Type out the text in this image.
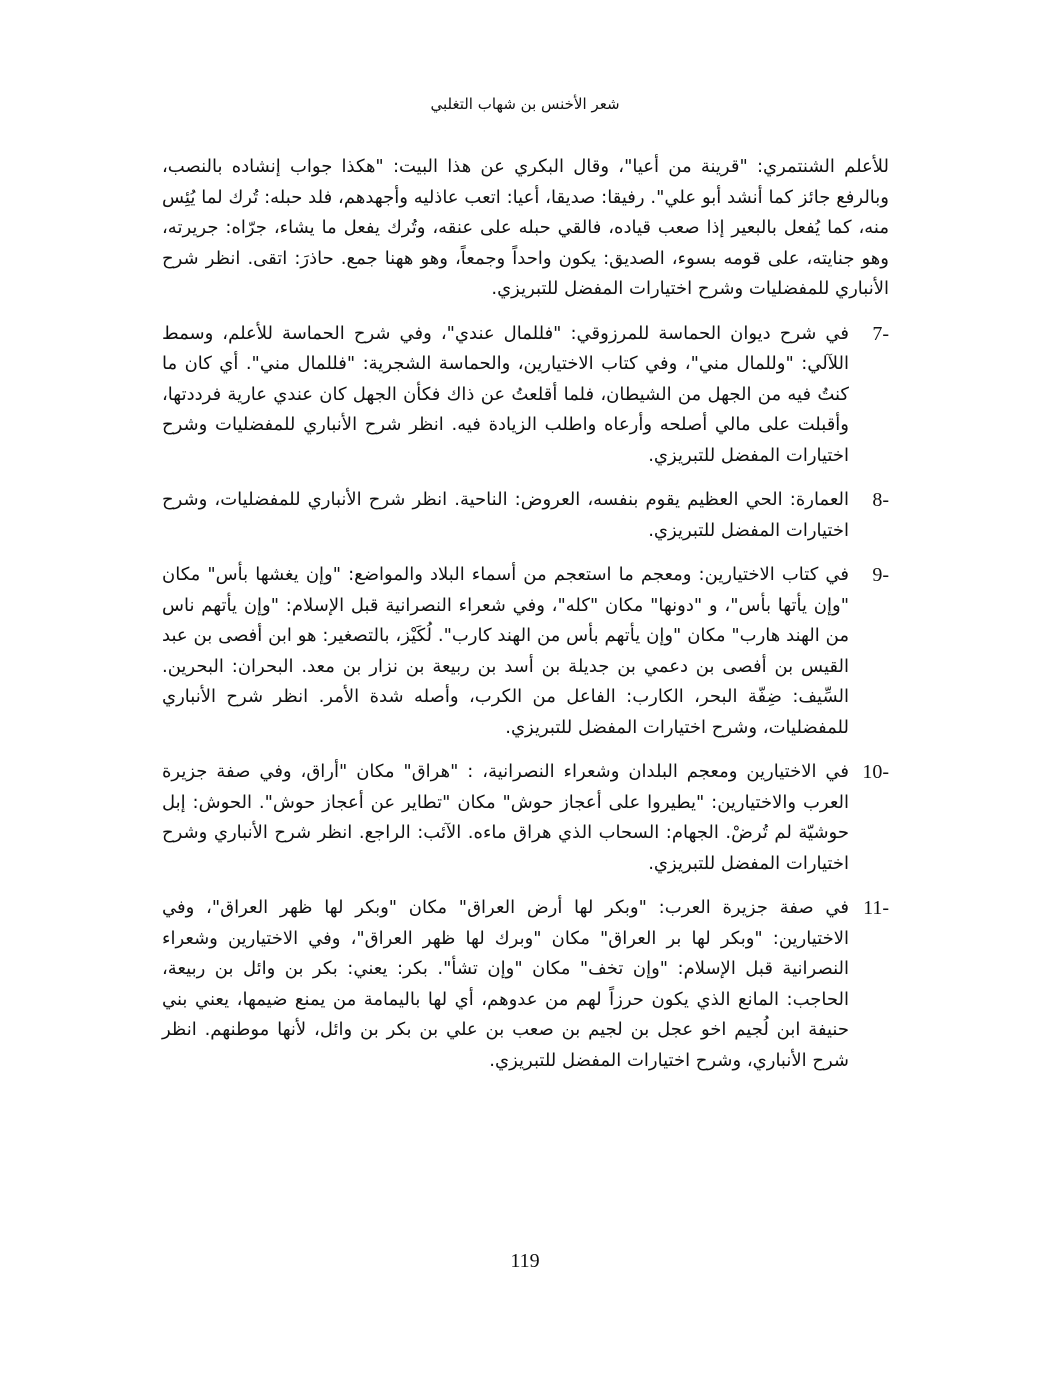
شعر الأخنس بن شهاب التغلبي

للأعلم الشنتمري: "قرينة من أعيا"، وقال البكري عن هذا البيت: "هكذا جواب إنشاده بالنصب، وبالرفع جائز كما أنشد أبو علي". رفيقا: صديقا، أعيا: اتعب عاذليه وأجهدهم، فلد حبله: تُرك لما يُئِس منه، كما يُفعل بالبعير إذا صعب قياده، فالقي حبله على عنقه، وتُرك يفعل ما يشاء، جرّاه: جريرته، وهو جنايته، على قومه بسوء، الصديق: يكون واحداً وجمعاً، وهو ههنا جمع. حاذرَ: اتقى. انظر شرح الأنباري للمفضليات وشرح اختيارات المفضل للتبريزي.

7-
في شرح ديوان الحماسة للمرزوقي: "فللمال عندي"، وفي شرح الحماسة للأعلم، وسمط اللآلي: "وللمال مني"، وفي كتاب الاختيارين، والحماسة الشجرية: "فللمال مني". أي كان ما كنتُ فيه من الجهل من الشيطان، فلما أقلعتُ عن ذاك فكأن الجهل كان عندي عارية فرددتها، وأقبلت على مالي أصلحه وأرعاه واطلب الزيادة فيه. انظر شرح الأنباري للمفضليات وشرح اختيارات المفضل للتبريزي.
8-
العمارة: الحي العظيم يقوم بنفسه، العروض: الناحية. انظر شرح الأنباري للمفضليات، وشرح اختيارات المفضل للتبريزي.
9-
في كتاب الاختيارين: ومعجم ما استعجم من أسماء البلاد والمواضع: "وإن يغشها بأس" مكان "وإن يأتها بأس"، و "دونها" مكان "كله"، وفي شعراء النصرانية قبل الإسلام: "وإن يأتهم ناس من الهند هارب" مكان "وإن يأتهم بأس من الهند كارب". لُكَيْز، بالتصغير: هو ابن أفصى بن عبد القيس بن أفصى بن دعمي بن جديلة بن أسد بن ربيعة بن نزار بن معد. البحران: البحرين. السِّيف: ضِفّة البحر، الكارب: الفاعل من الكرب، وأصله شدة الأمر. انظر شرح الأنباري للمفضليات، وشرح اختيارات المفضل للتبريزي.
10-
في الاختيارين ومعجم البلدان وشعراء النصرانية، : "هراق" مكان "أراق، وفي صفة جزيرة العرب والاختيارين: "يطيروا على أعجاز حوش" مكان "تطاير عن أعجاز حوش". الحوش: إبل حوشيّة لم تُرضْ. الجهام: السحاب الذي هراق ماءه. الآئب: الراجع. انظر شرح الأنباري وشرح اختيارات المفضل للتبريزي.
11-
في صفة جزيرة العرب: "وبكر لها أرض العراق" مكان "وبكر لها ظهر العراق"، وفي الاختيارين: "وبكر لها بر العراق" مكان "وبرك لها ظهر العراق"، وفي الاختيارين وشعراء النصرانية قبل الإسلام: "وإن تخف" مكان "وإن تشأ". بكر: يعني: بكر بن وائل بن ربيعة، الحاجب: المانع الذي يكون حرزاً لهم من عدوهم، أي لها باليمامة من يمنع ضيمها، يعني بني حنيفة ابن لُجيم اخو عجل بن لجيم بن صعب بن علي بن بكر بن وائل، لأنها موطنهم. انظر شرح الأنباري، وشرح اختيارات المفضل للتبريزي.
119
